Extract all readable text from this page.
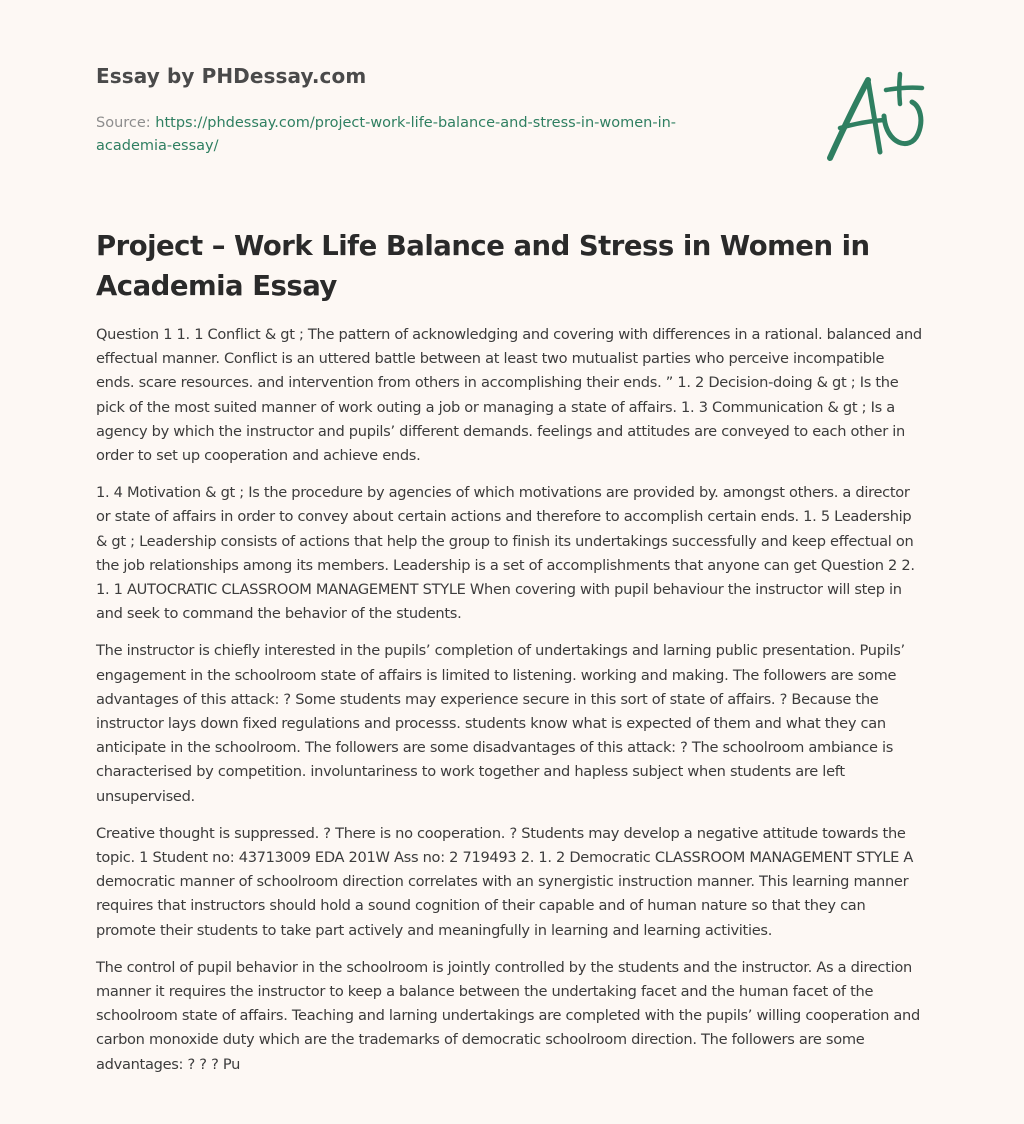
Essay by PHDessay.com
Source: https://phdessay.com/project-work-life-balance-and-stress-in-women-in-academia-essay/
Project – Work Life Balance and Stress in Women in Academia Essay

Question 1 1. 1 Conflict & gt ; The pattern of acknowledging and covering with differences in a rational. balanced and effectual manner. Conflict is an uttered battle between at least two mutualist parties who perceive incompatible ends. scare resources. and intervention from others in accomplishing their ends. ” 1. 2 Decision-doing & gt ; Is the pick of the most suited manner of work outing a job or managing a state of affairs. 1. 3 Communication & gt ; Is a agency by which the instructor and pupils’ different demands. feelings and attitudes are conveyed to each other in order to set up cooperation and achieve ends.

1. 4 Motivation & gt ; Is the procedure by agencies of which motivations are provided by. amongst others. a director or state of affairs in order to convey about certain actions and therefore to accomplish certain ends. 1. 5 Leadership & gt ; Leadership consists of actions that help the group to finish its undertakings successfully and keep effectual on the job relationships among its members. Leadership is a set of accomplishments that anyone can get Question 2 2. 1. 1 AUTOCRATIC CLASSROOM MANAGEMENT STYLE When covering with pupil behaviour the instructor will step in and seek to command the behavior of the students.

The instructor is chiefly interested in the pupils’ completion of undertakings and larning public presentation. Pupils’ engagement in the schoolroom state of affairs is limited to listening. working and making. The followers are some advantages of this attack: ? Some students may experience secure in this sort of state of affairs. ? Because the instructor lays down fixed regulations and processs. students know what is expected of them and what they can anticipate in the schoolroom. The followers are some disadvantages of this attack: ? The schoolroom ambiance is characterised by competition. involuntariness to work together and hapless subject when students are left unsupervised.

Creative thought is suppressed. ? There is no cooperation. ? Students may develop a negative attitude towards the topic. 1 Student no: 43713009 EDA 201W Ass no: 2 719493 2. 1. 2 Democratic CLASSROOM MANAGEMENT STYLE A democratic manner of schoolroom direction correlates with an synergistic instruction manner. This learning manner requires that instructors should hold a sound cognition of their capable and of human nature so that they can promote their students to take part actively and meaningfully in learning and learning activities.

The control of pupil behavior in the schoolroom is jointly controlled by the students and the instructor. As a direction manner it requires the instructor to keep a balance between the undertaking facet and the human facet of the schoolroom state of affairs. Teaching and larning undertakings are completed with the pupils’ willing cooperation and carbon monoxide duty which are the trademarks of democratic schoolroom direction. The followers are some advantages: ? ? ? Pu
